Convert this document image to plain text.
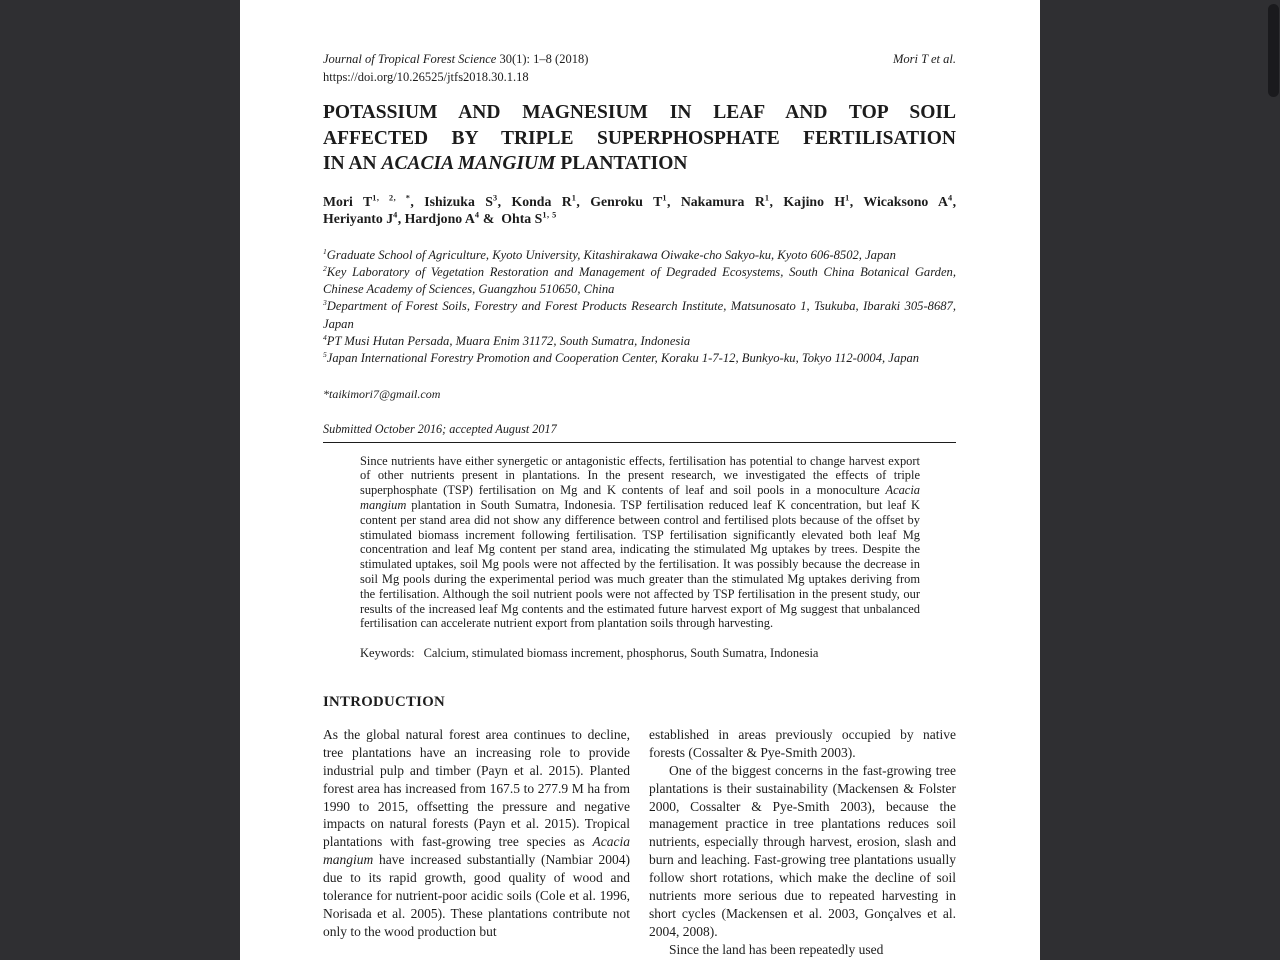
Journal of Tropical Forest Science 30(1): 1–8 (2018)	Mori T et al.
https://doi.org/10.26525/jtfs2018.30.1.18
POTASSIUM AND MAGNESIUM IN LEAF AND TOP SOIL
AFFECTED BY TRIPLE SUPERPHOSPHATE FERTILISATION
IN AN ACACIA MANGIUM PLANTATION
Mori $T^{1, 2, *}$, Ishizuka $S^3$, Konda $R^1$, Genroku $T^1$, Nakamura $R^1$, Kajino $H^1$, Wicaksono $A^4$,
Heriyanto $J^4$, Hardjono $A^4$ &  Ohta S$^{1, 5}$
$^1$Graduate School of Agriculture, Kyoto University, Kitashirakawa Oiwake-cho Sakyo-ku, Kyoto 606-8502, Japan
$^2$Key Laboratory of Vegetation Restoration and Management of Degraded Ecosystems, South China Botanical Garden, Chinese Academy of Sciences, Guangzhou 510650, China
$^3$Department of Forest Soils, Forestry and Forest Products Research Institute, Matsunosato 1, Tsukuba, Ibaraki 305-8687, Japan
$^4$PT Musi Hutan Persada, Muara Enim 31172, South Sumatra, Indonesia
$^5$Japan International Forestry Promotion and Cooperation Center, Koraku 1-7-12, Bunkyo-ku, Tokyo 112-0004, Japan
*taikimori7@gmail.com
Submitted October 2016; accepted August 2017

Since nutrients have either synergetic or antagonistic effects, fertilisation has potential to change harvest export of other nutrients present in plantations. In the present research, we investigated the effects of triple superphosphate (TSP) fertilisation on Mg and K contents of leaf and soil pools in a monoculture Acacia mangium plantation in South Sumatra, Indonesia. TSP fertilisation reduced leaf K concentration, but leaf K content per stand area did not show any difference between control and fertilised plots because of the offset by stimulated biomass increment following fertilisation. TSP fertilisation significantly elevated both leaf Mg concentration and leaf Mg content per stand area, indicating the stimulated Mg uptakes by trees. Despite the stimulated uptakes, soil Mg pools were not affected by the fertilisation. It was possibly because the decrease in soil Mg pools during the experimental period was much greater than the stimulated Mg uptakes deriving from the fertilisation. Although the soil nutrient pools were not affected by TSP fertilisation in the present study, our results of the increased leaf Mg contents and the estimated future harvest export of Mg suggest that unbalanced fertilisation can accelerate nutrient export from plantation soils through harvesting.

Keywords: Calcium, stimulated biomass increment, phosphorus, South Sumatra, Indonesia

INTRODUCTION

As the global natural forest area continues to decline, tree plantations have an increasing role to provide industrial pulp and timber (Payn et al. 2015). Planted forest area has increased from 167.5 to 277.9 M ha from 1990 to 2015, offsetting the pressure and negative impacts on natural forests (Payn et al. 2015). Tropical plantations with fast-growing tree species as Acacia mangium have increased substantially (Nambiar 2004) due to its rapid growth, good quality of wood and tolerance for nutrient-poor acidic soils (Cole et al. 1996, Norisada et al. 2005). These plantations contribute not only to the wood production but

established in areas previously occupied by native forests (Cossalter & Pye-Smith 2003).

One of the biggest concerns in the fast-growing tree plantations is their sustainability (Mackensen & Folster 2000, Cossalter & Pye-Smith 2003), because the management practice in tree plantations reduces soil nutrients, especially through harvest, erosion, slash and burn and leaching. Fast-growing tree plantations usually follow short rotations, which make the decline of soil nutrients more serious due to repeated harvesting in short cycles (Mackensen et al. 2003, Gonçalves et al. 2004, 2008).

Since the land has been repeatedly used
